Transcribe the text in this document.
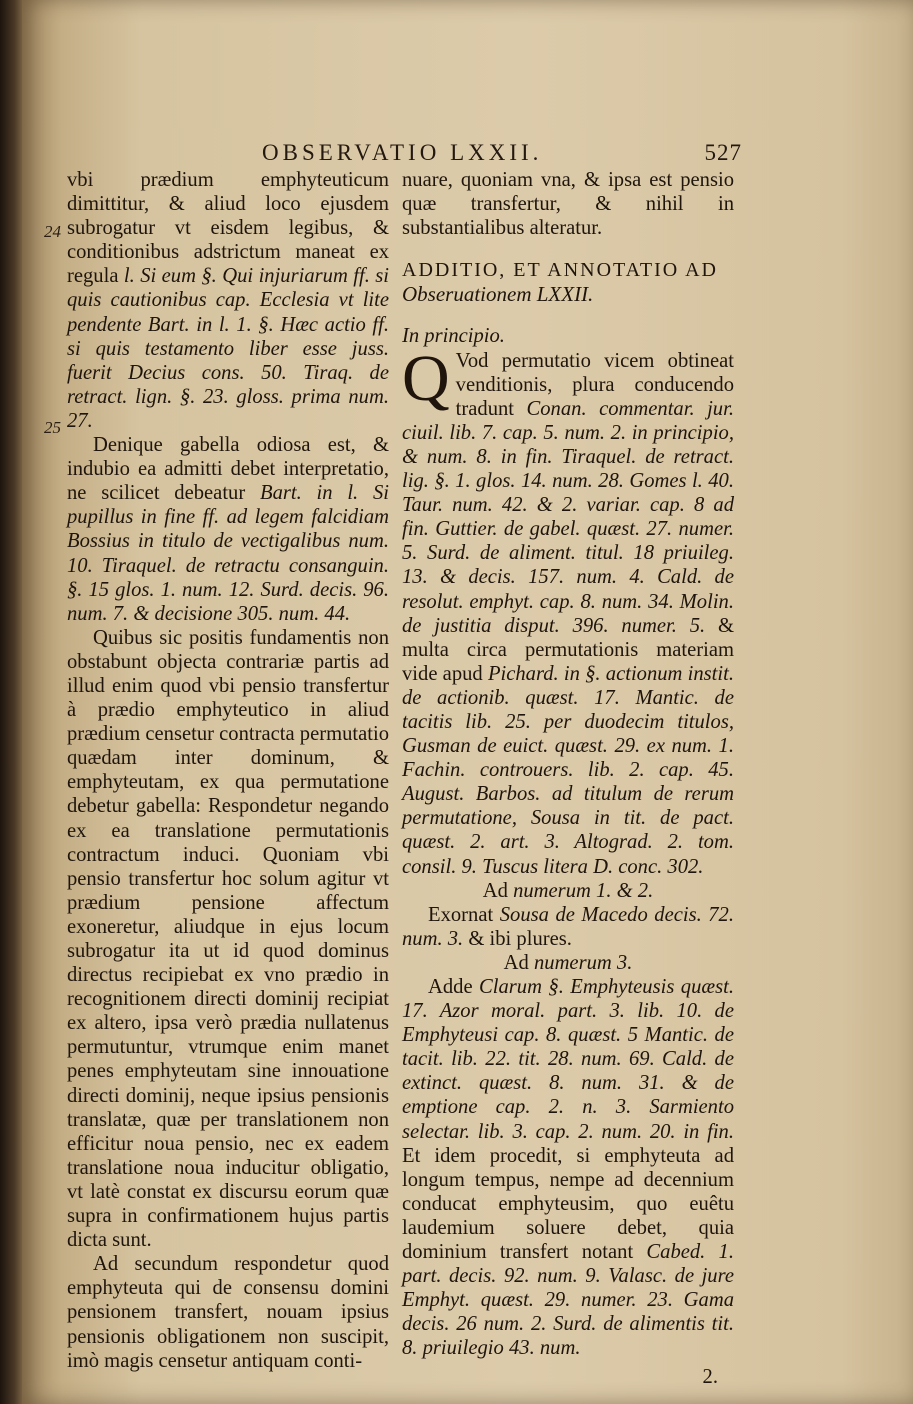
OBSERVATIO LXXII.	527
24
25

vbi prædium emphyteuticum dimittitur, & aliud loco ejusdem subrogatur vt eisdem legibus, & conditionibus adstrictum maneat ex regula l. Si eum §. Qui injuriarum ff. si quis cautionibus cap. Ecclesia vt lite pendente Bart. in l. 1. §. Hæc actio ff. si quis testamento liber esse juss. fuerit Decius cons. 50. Tiraq. de retract. lign. §. 23. gloss. prima num. 27.

Denique gabella odiosa est, & indubio ea admitti debet interpretatio, ne scilicet debeatur Bart. in l. Si pupillus in fine ff. ad legem falcidiam Bossius in titulo de vectigalibus num. 10. Tiraquel. de retractu consanguin. §. 15 glos. 1. num. 12. Surd. decis. 96. num. 7. & decisione 305. num. 44.

Quibus sic positis fundamentis non obstabunt objecta contrariæ partis ad illud enim quod vbi pensio transfertur à prædio emphyteutico in aliud prædium censetur contracta permutatio quædam inter dominum, & emphyteutam, ex qua permutatione debetur gabella: Respondetur negando ex ea translatione permutationis contractum induci. Quoniam vbi pensio transfertur hoc solum agitur vt prædium pensione affectum exoneretur, aliudque in ejus locum subrogatur ita ut id quod dominus directus recipiebat ex vno prædio in recognitionem directi dominij recipiat ex altero, ipsa verò prædia nullatenus permutuntur, vtrumque enim manet penes emphyteutam sine innouatione directi dominij, neque ipsius pensionis translatæ, quæ per translationem non efficitur noua pensio, nec ex eadem translatione noua inducitur obligatio, vt latè constat ex discursu eorum quæ supra in confirmationem hujus partis dicta sunt.

Ad secundum respondetur quod emphyteuta qui de consensu domini pensionem transfert, nouam ipsius pensionis obligationem non suscipit, imò magis censetur antiquam conti-

nuare, quoniam vna, & ipsa est pensio quæ transfertur, & nihil in substantialibus alteratur.

ADDITIO, ET ANNOTATIO AD

Obseruationem LXXII.

In principio.

Q Vod permutatio vicem obtineat venditionis, plura conducendo tradunt Conan. commentar. jur. ciuil. lib. 7. cap. 5. num. 2. in principio, & num. 8. in fin. Tiraquel. de retract. lig. §. 1. glos. 14. num. 28. Gomes l. 40. Taur. num. 42. & 2. variar. cap. 8 ad fin. Guttier. de gabel. quæst. 27. numer. 5. Surd. de aliment. titul. 18 priuileg. 13. & decis. 157. num. 4. Cald. de resolut. emphyt. cap. 8. num. 34. Molin. de justitia disput. 396. numer. 5. & multa circa permutationis materiam vide apud Pichard. in §. actionum instit. de actionib. quæst. 17. Mantic. de tacitis lib. 25. per duodecim titulos, Gusman de euict. quæst. 29. ex num. 1. Fachin. controuers. lib. 2. cap. 45. August. Barbos. ad titulum de rerum permutatione, Sousa in tit. de pact. quæst. 2. art. 3. Altograd. 2. tom. consil. 9. Tuscus litera D. conc. 302.

Ad numerum 1. & 2.

Exornat Sousa de Macedo decis. 72. num. 3. & ibi plures.

Ad numerum 3.

Adde Clarum §. Emphyteusis quæst. 17. Azor moral. part. 3. lib. 10. de Emphyteusi cap. 8. quæst. 5 Mantic. de tacit. lib. 22. tit. 28. num. 69. Cald. de extinct. quæst. 8. num. 31. & de emptione cap. 2. n. 3. Sarmiento selectar. lib. 3. cap. 2. num. 20. in fin. Et idem procedit, si emphyteuta ad longum tempus, nempe ad decennium conducat emphyteusim, quo euêtu laudemium soluere debet, quia dominium transfert notant Cabed. 1. part. decis. 92. num. 9. Valasc. de jure Emphyt. quæst. 29. numer. 23. Gama decis. 26 num. 2. Surd. de alimentis tit. 8. priuilegio 43. num.

2.
